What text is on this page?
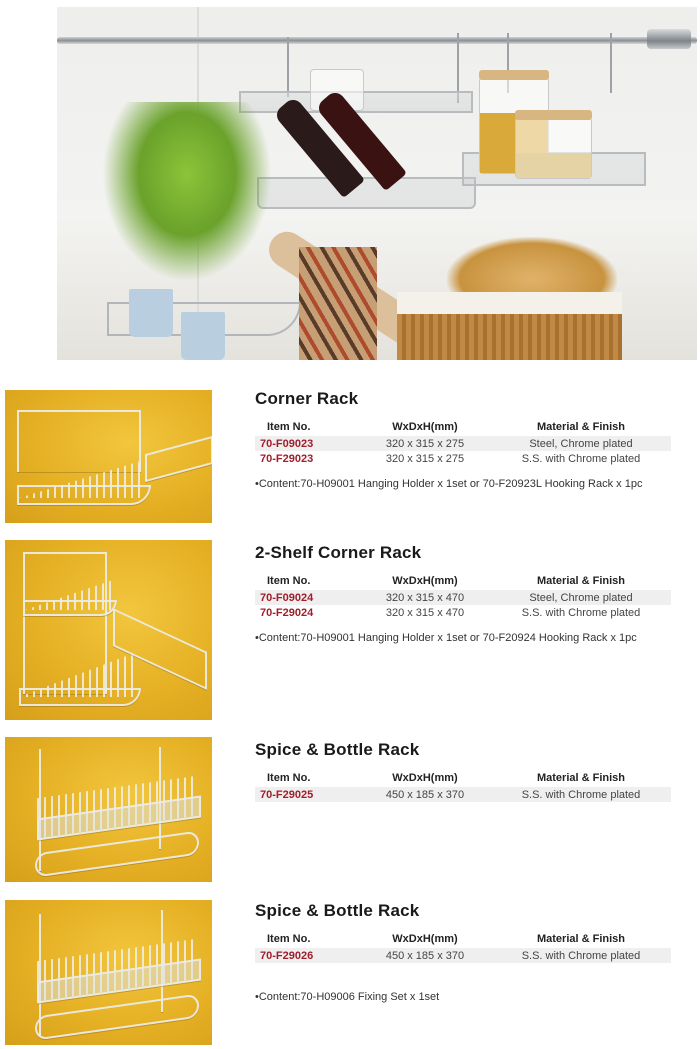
Corner Rack
Item No.	WxDxH(mm)	Material & Finish
70-F09023	320 x 315 x 275	Steel, Chrome plated
70-F29023	320 x 315 x 275	S.S. with Chrome plated
•Content:70-H09001 Hanging Holder x 1set or 70-F20923L Hooking Rack x 1pc
2-Shelf Corner Rack
Item No.	WxDxH(mm)	Material & Finish
70-F09024	320 x 315 x 470	Steel, Chrome plated
70-F29024	320 x 315 x 470	S.S. with Chrome plated
•Content:70-H09001 Hanging Holder x 1set or 70-F20924 Hooking Rack x 1pc
Spice & Bottle Rack
Item No.	WxDxH(mm)	Material & Finish
70-F29025	450 x 185 x 370	S.S. with Chrome plated
Spice & Bottle Rack
Item No.	WxDxH(mm)	Material & Finish
70-F29026	450 x 185 x 370	S.S. with Chrome plated
•Content:70-H09006 Fixing Set x 1set
